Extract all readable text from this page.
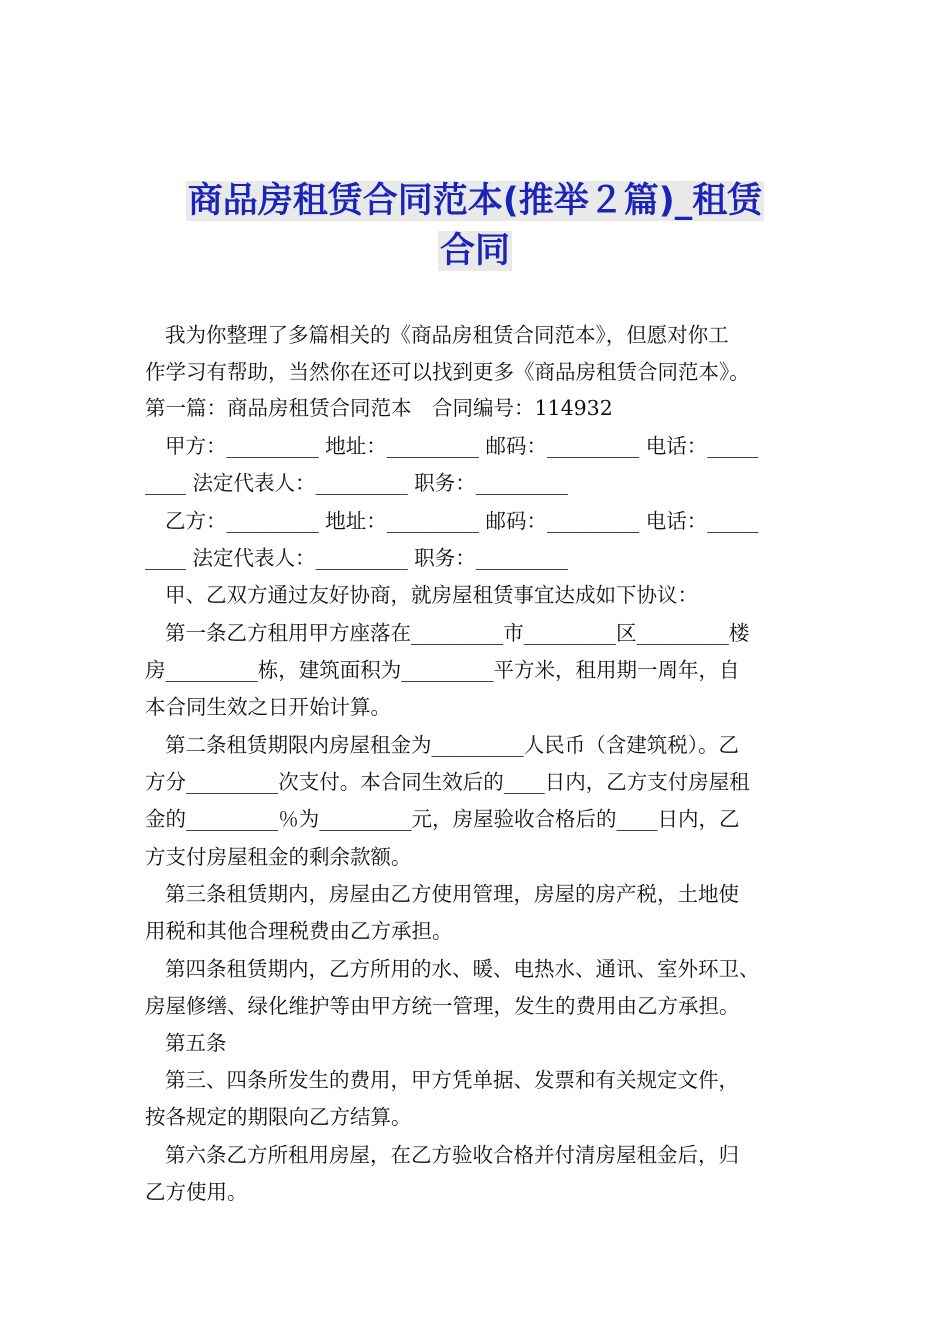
商品房租赁合同范本(推举２篇)_租赁
合同
我为你整理了多篇相关的《商品房租赁合同范本》，但愿对你工
作学习有帮助，当然你在还可以找到更多《商品房租赁合同范本》。
第一篇：商品房租赁合同范本　合同编号：114932
甲方：_________ 地址：_________ 邮码：_________ 电话：_____
____ 法定代表人：_________ 职务：_________
乙方：_________ 地址：_________ 邮码：_________ 电话：_____
____ 法定代表人：_________ 职务：_________
甲、乙双方通过友好协商，就房屋租赁事宜达成如下协议：
第一条乙方租用甲方座落在_________市_________区_________楼
房_________栋，建筑面积为_________平方米，租用期一周年，自
本合同生效之日开始计算。
第二条租赁期限内房屋租金为_________人民币（含建筑税）。乙
方分_________次支付。本合同生效后的____日内，乙方支付房屋租
金的_________％为_________元，房屋验收合格后的____日内，乙
方支付房屋租金的剩余款额。
第三条租赁期内，房屋由乙方使用管理，房屋的房产税，土地使
用税和其他合理税费由乙方承担。
第四条租赁期内，乙方所用的水、暖、电热水、通讯、室外环卫、
房屋修缮、绿化维护等由甲方统一管理，发生的费用由乙方承担。
第五条
第三、四条所发生的费用，甲方凭单据、发票和有关规定文件，
按各规定的期限向乙方结算。
第六条乙方所租用房屋，在乙方验收合格并付清房屋租金后，归
乙方使用。
